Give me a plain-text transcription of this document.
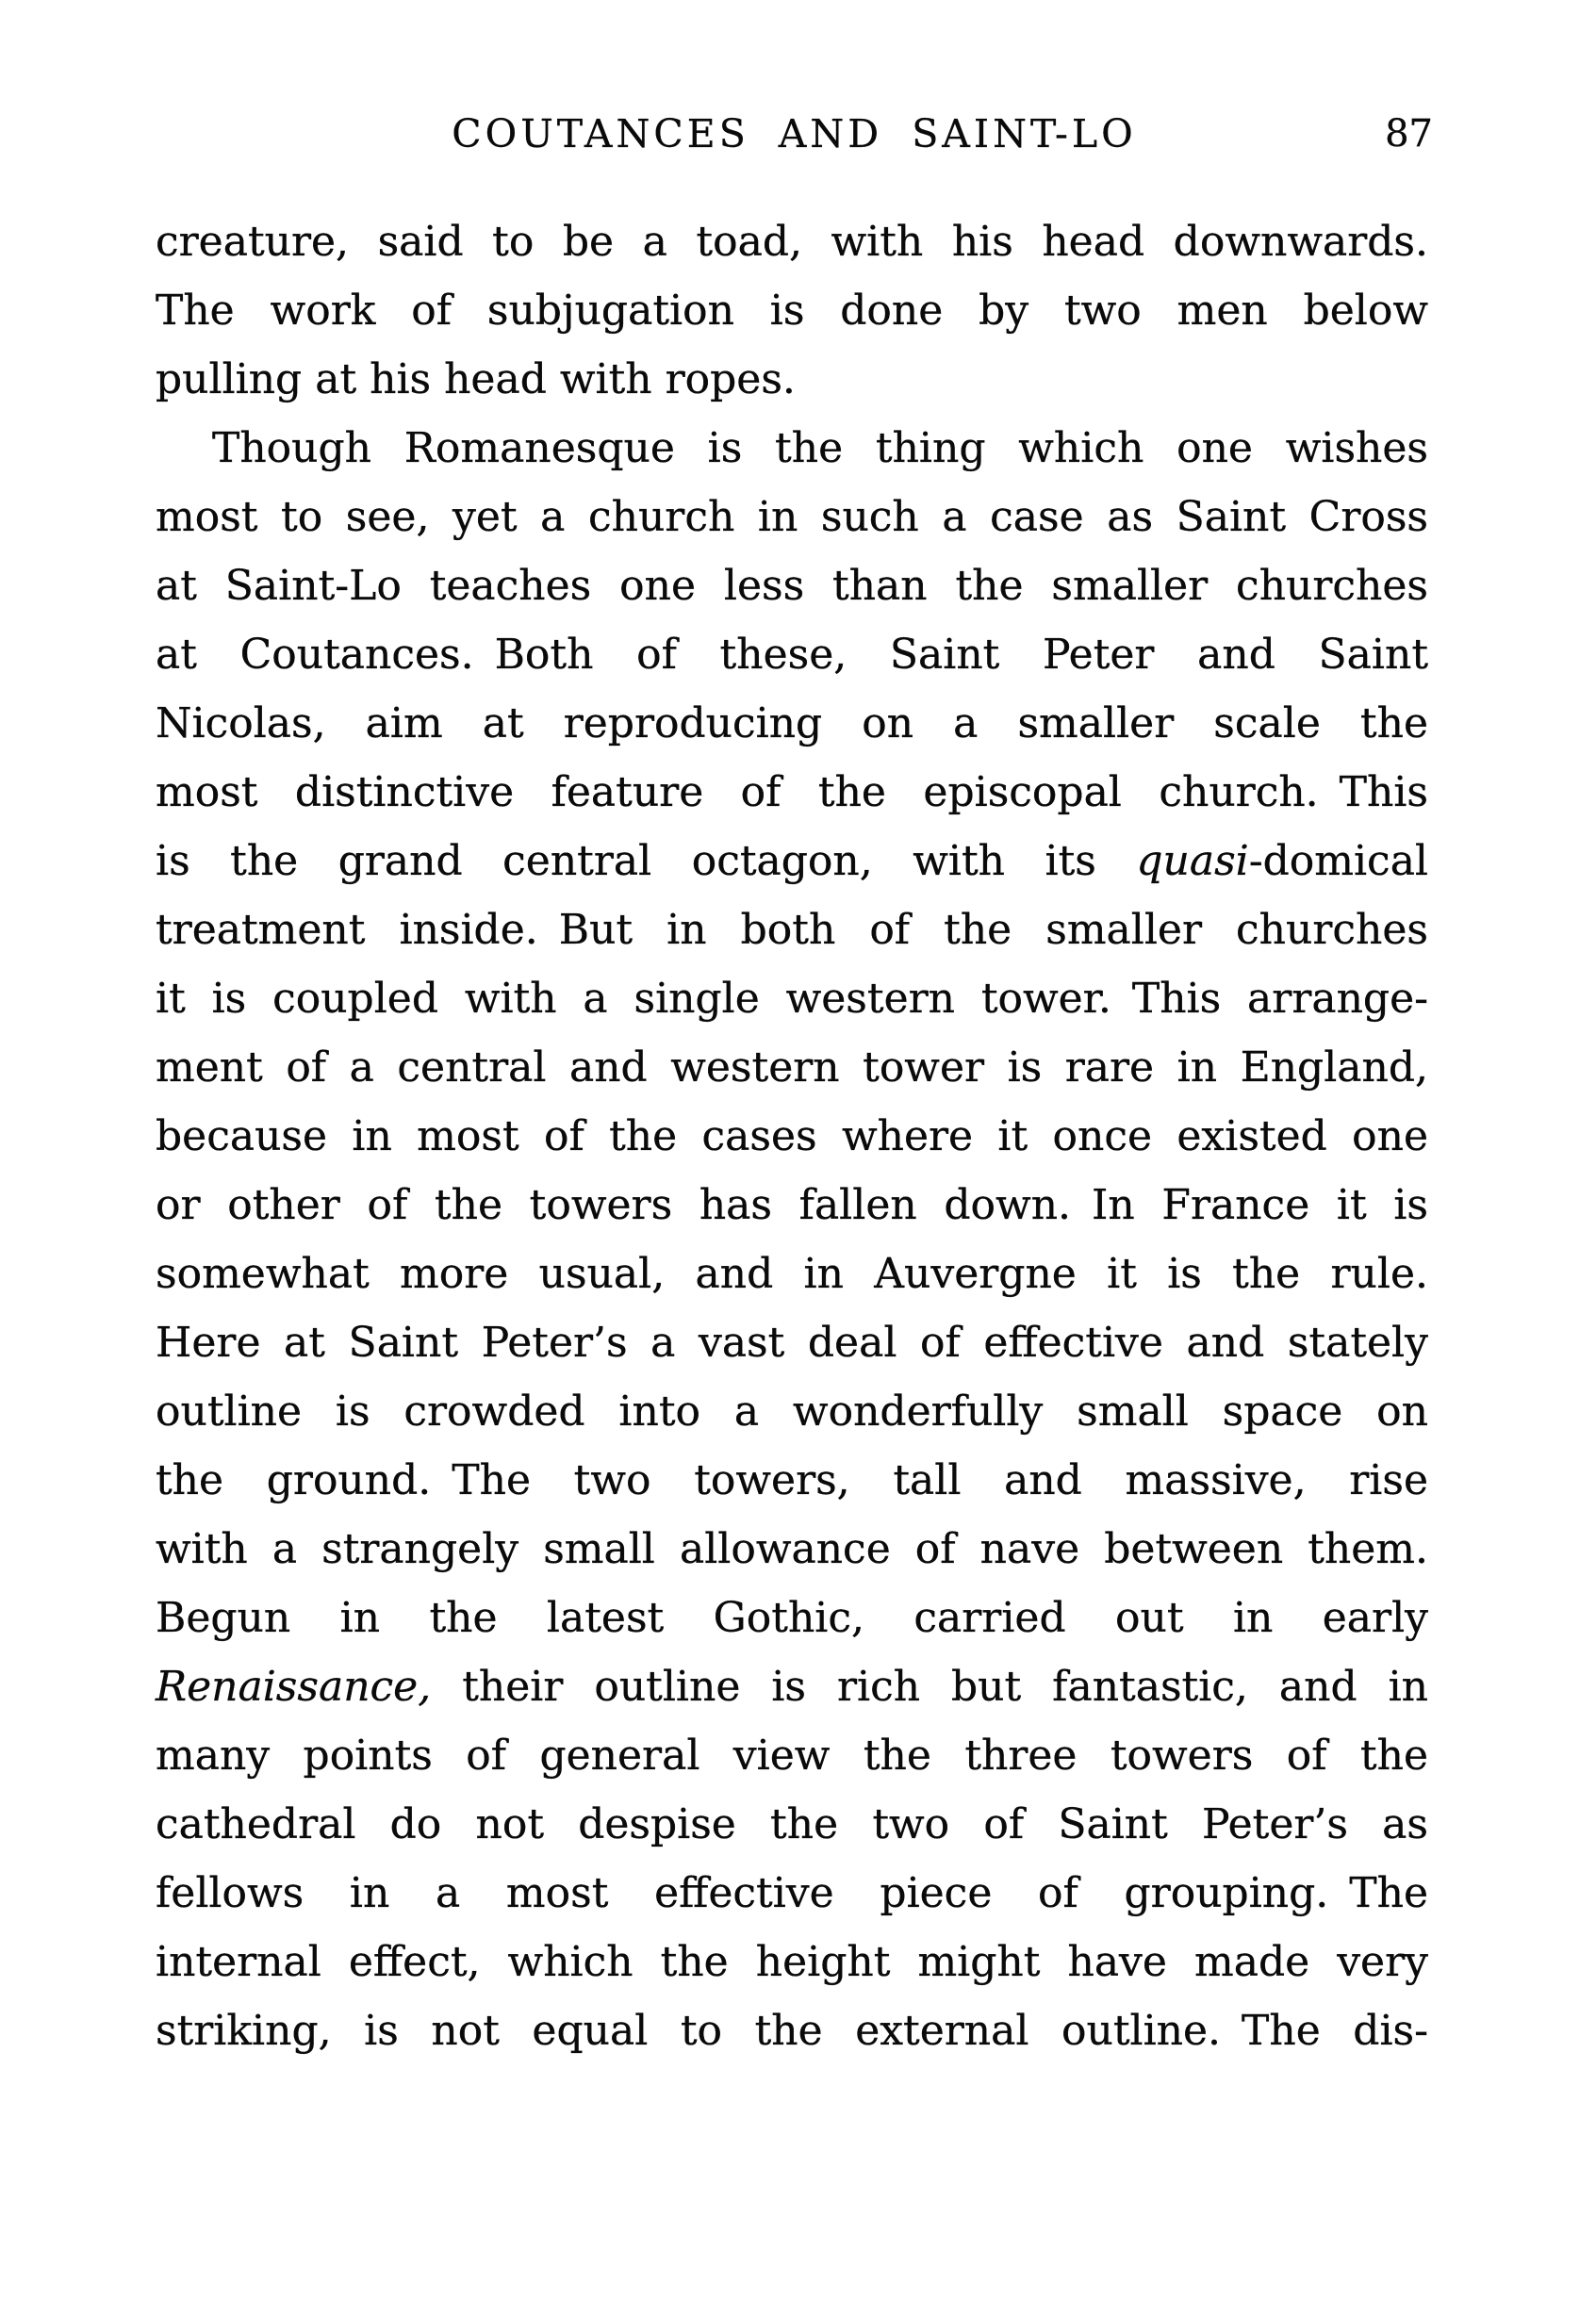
COUTANCES AND SAINT-LO	87
creature, said to be a toad, with his head downwards.
The work of subjugation is done by two men below
pulling at his head with ropes.
Though Romanesque is the thing which one wishes
most to see, yet a church in such a case as Saint Cross
at Saint-Lo teaches one less than the smaller churches
at Coutances. Both of these, Saint Peter and Saint
Nicolas, aim at reproducing on a smaller scale the
most distinctive feature of the episcopal church. This
is the grand central octagon, with its quasi-domical
treatment inside. But in both of the smaller churches
it is coupled with a single western tower. This arrange-
ment of a central and western tower is rare in England,
because in most of the cases where it once existed one
or other of the towers has fallen down. In France it is
somewhat more usual, and in Auvergne it is the rule.
Here at Saint Peter’s a vast deal of effective and stately
outline is crowded into a wonderfully small space on
the ground. The two towers, tall and massive, rise
with a strangely small allowance of nave between them.
Begun in the latest Gothic, carried out in early
Renaissance, their outline is rich but fantastic, and in
many points of general view the three towers of the
cathedral do not despise the two of Saint Peter’s as
fellows in a most effective piece of grouping. The
internal effect, which the height might have made very
striking, is not equal to the external outline. The dis-
